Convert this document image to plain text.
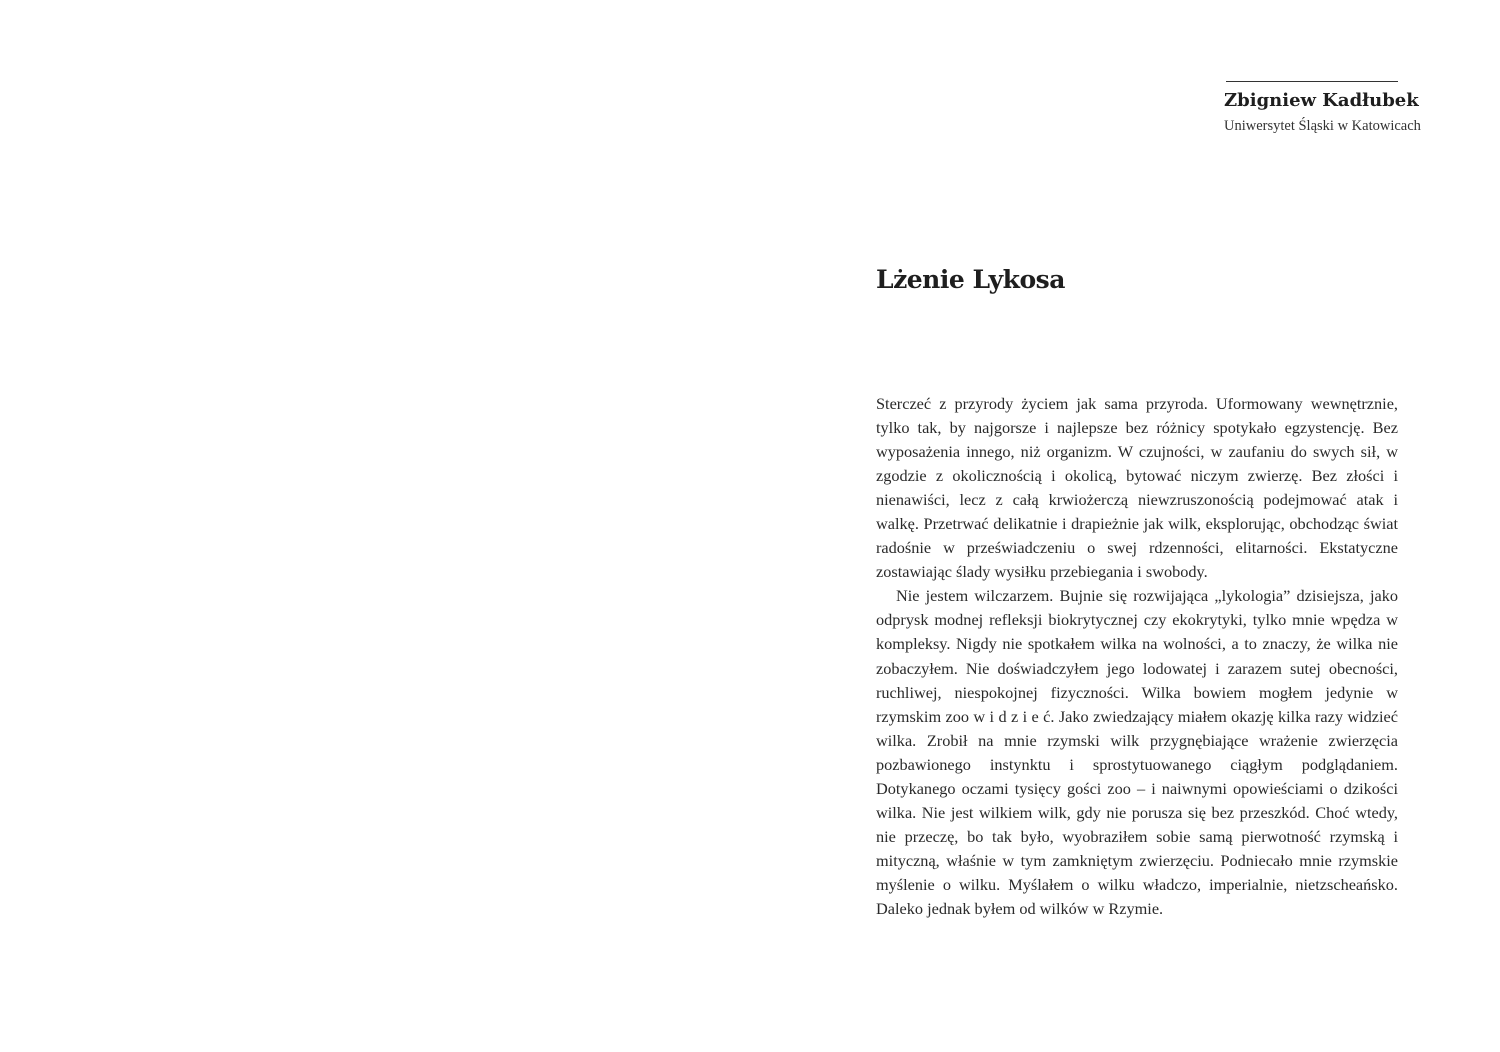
Zbigniew Kadłubek
Uniwersytet Śląski w Katowicach
Lżenie Lykosa

Sterczeć z przyrody życiem jak sama przyroda. Uformowany wewnętrznie, tylko tak, by najgorsze i najlepsze bez różnicy spotykało egzystencję. Bez wyposażenia innego, niż organizm. W czujności, w zaufaniu do swych sił, w zgodzie z okolicznością i okolicą, bytować niczym zwierzę. Bez złości i nienawiści, lecz z całą krwiożerczą niewzruszonością podejmować atak i walkę. Przetrwać delikatnie i drapieżnie jak wilk, eksplorując, obchodząc świat radośnie w przeświadczeniu o swej rdzenności, elitarności. Ekstatyczne zostawiając ślady wysiłku przebiegania i swobody.

Nie jestem wilczarzem. Bujnie się rozwijająca „lykologia” dzisiejsza, jako odprysk modnej refleksji biokrytycznej czy ekokrytyki, tylko mnie wpędza w kompleksy. Nigdy nie spotkałem wilka na wolności, a to znaczy, że wilka nie zobaczyłem. Nie doświadczyłem jego lodowatej i zarazem sutej obecności, ruchliwej, niespokojnej fizyczności. Wilka bowiem mogłem jedynie w rzymskim zoo w i d z i e ć. Jako zwiedzający miałem okazję kilka razy widzieć wilka. Zrobił na mnie rzymski wilk przygnębiające wrażenie zwierzęcia pozbawionego instynktu i sprostytuowanego ciągłym podglądaniem. Dotykanego oczami tysięcy gości zoo – i naiwnymi opowieściami o dzikości wilka. Nie jest wilkiem wilk, gdy nie porusza się bez przeszkód. Choć wtedy, nie przeczę, bo tak było, wyobraziłem sobie samą pierwotność rzymską i mityczną, właśnie w tym zamkniętym zwierzęciu. Podniecało mnie rzymskie myślenie o wilku. Myślałem o wilku władczo, imperialnie, nietzscheańsko. Daleko jednak byłem od wilków w Rzymie.
